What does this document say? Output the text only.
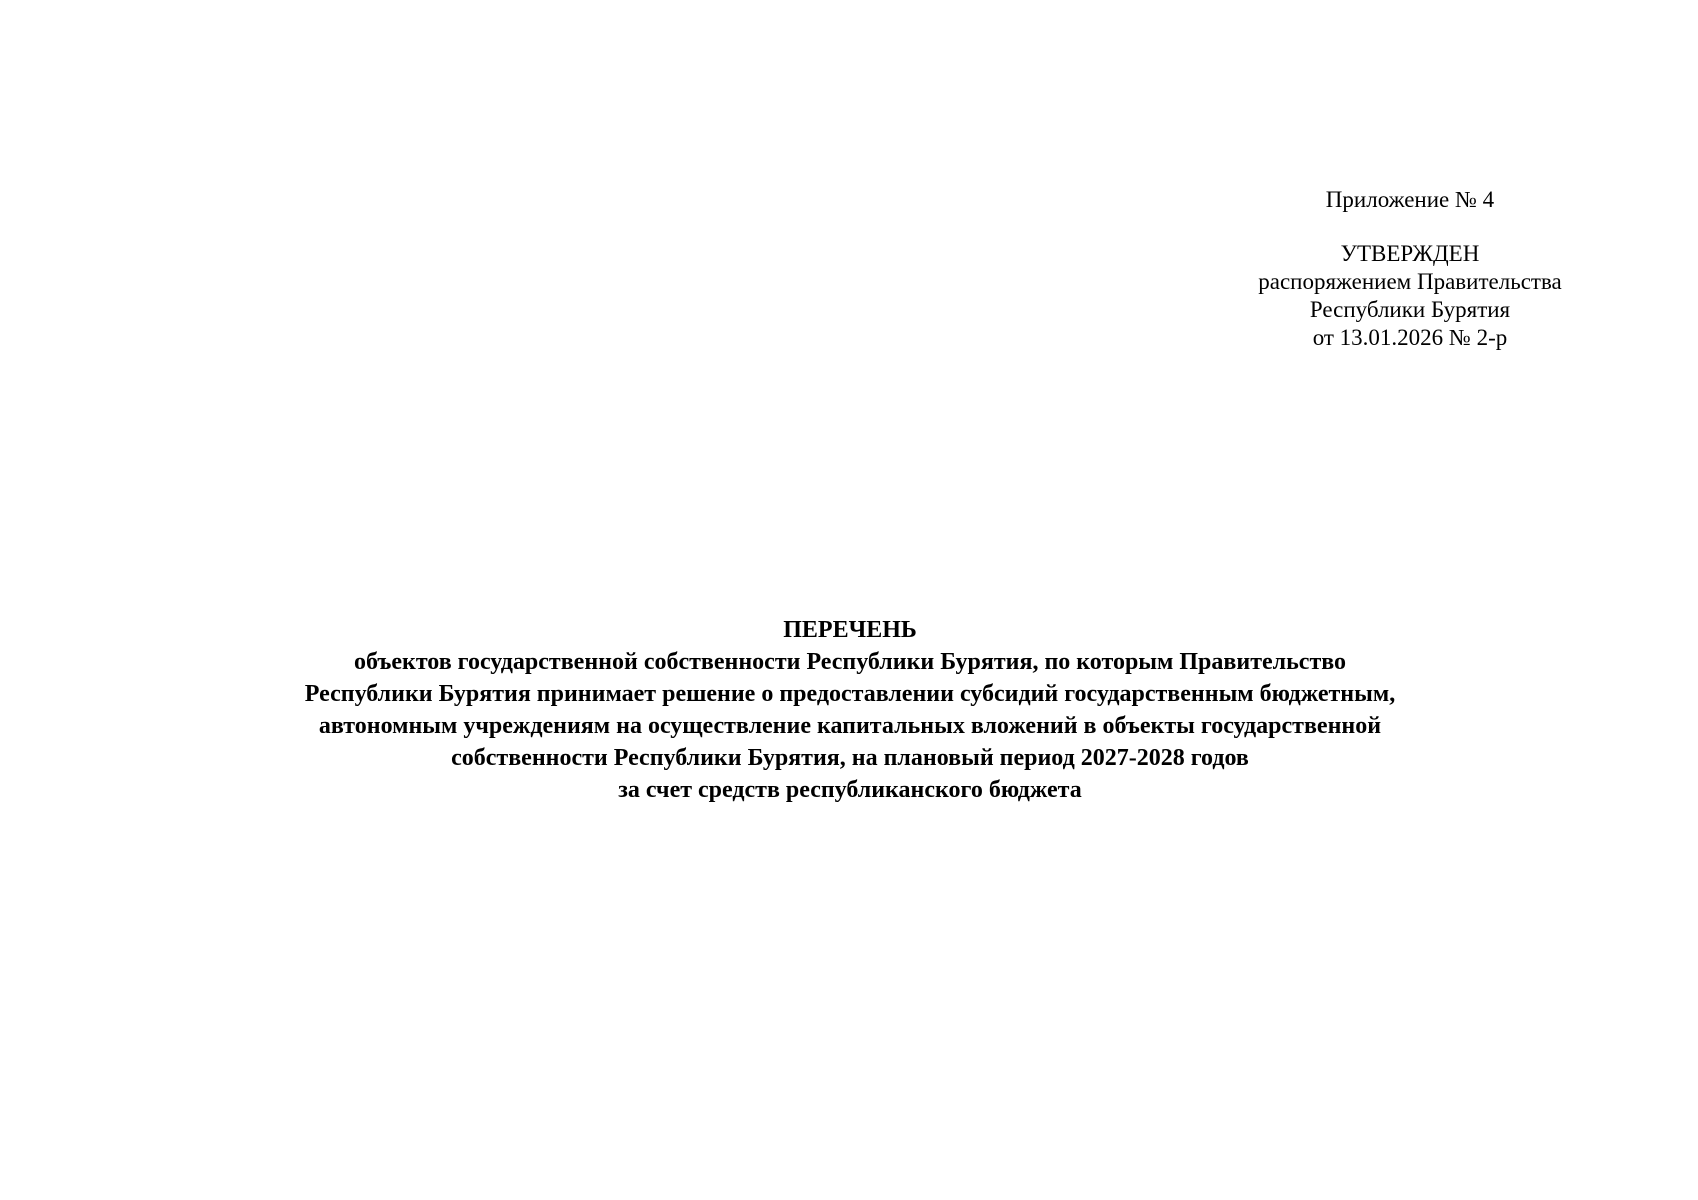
Приложение № 4
УТВЕРЖДЕН
распоряжением Правительства
Республики Бурятия
от 13.01.2026 № 2-р
ПЕРЕЧЕНЬ
объектов государственной собственности Республики Бурятия, по которым Правительство
Республики Бурятия принимает решение о предоставлении субсидий государственным бюджетным,
автономным учреждениям на осуществление капитальных вложений в объекты государственной
собственности Республики Бурятия, на плановый период 2027-2028 годов
за счет средств республиканского бюджета
